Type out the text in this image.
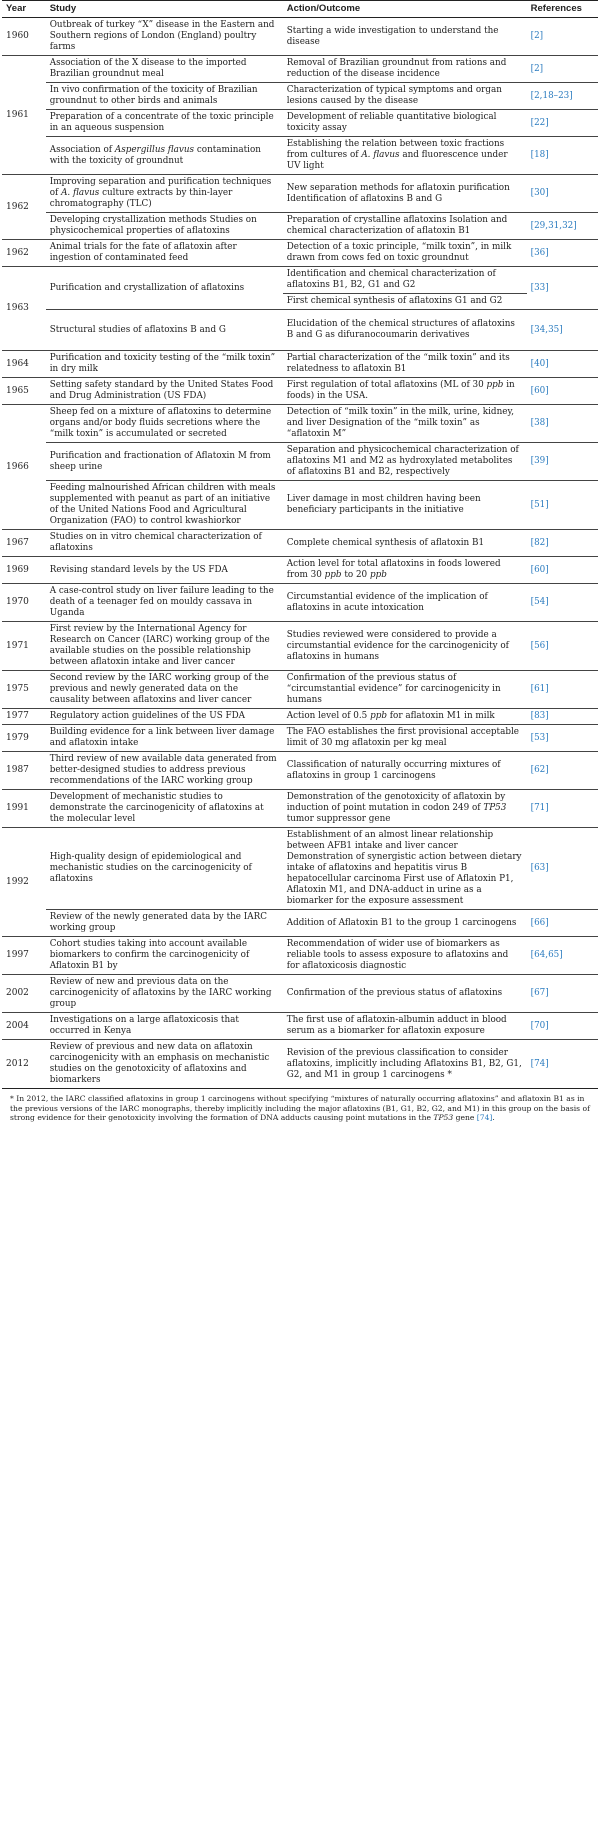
Year	Study	Action/Outcome	References
1960	Outbreak of turkey “X” disease in the Eastern and Southern regions of London (England) poultry farms	Starting a wide investigation to understand the disease	[2]
1961	Association of the X disease to the imported Brazilian groundnut meal	Removal of Brazilian groundnut from rations and reduction of the disease incidence	[2]
	In vivo confirmation of the toxicity of Brazilian groundnut to other birds and animals	Characterization of typical symptoms and organ lesions caused by the disease	[2,18–23]
	Preparation of a concentrate of the toxic principle in an aqueous suspension	Development of reliable quantitative biological toxicity assay	[22]
	Association of Aspergillus flavus contamination with the toxicity of groundnut	Establishing the relation between toxic fractions from cultures of A. flavus and fluorescence under UV light	[18]
1962	Improving separation and purification techniques of A. flavus culture extracts by thin-layer chromatography (TLC)	New separation methods for aflatoxin purification Identification of aflatoxins B and G	[30]
	Developing crystallization methods Studies on physicochemical properties of aflatoxins	Preparation of crystalline aflatoxins Isolation and chemical characterization of aflatoxin B1	[29,31,32]
1962	Animal trials for the fate of aflatoxin after ingestion of contaminated feed	Detection of a toxic principle, “milk toxin”, in milk drawn from cows fed on toxic groundnut	[36]
1963	Purification and crystallization of aflatoxins	Identification and chemical characterization of aflatoxins B1, B2, G1 and G2	[33]
		First chemical synthesis of aflatoxins G1 and G2	
	Structural studies of aflatoxins B and G	Elucidation of the chemical structures of aflatoxins B and G as difuranocoumarin derivatives	[34,35]
1964	Purification and toxicity testing of the “milk toxin” in dry milk	Partial characterization of the “milk toxin” and its relatedness to aflatoxin B1	[40]
1965	Setting safety standard by the United States Food and Drug Administration (US FDA)	First regulation of total aflatoxins (ML of 30 ppb in foods) in the USA.	[60]
1966	Sheep fed on a mixture of aflatoxins to determine organs and/or body fluids secretions where the “milk toxin” is accumulated or secreted	Detection of “milk toxin” in the milk, urine, kidney, and liver Designation of the “milk toxin” as “aflatoxin M”	[38]
	Purification and fractionation of Aflatoxin M from sheep urine	Separation and physicochemical characterization of aflatoxins M1 and M2 as hydroxylated metabolites of aflatoxins B1 and B2, respectively	[39]
	Feeding malnourished African children with meals supplemented with peanut as part of an initiative of the United Nations Food and Agricultural Organization (FAO) to control kwashiorkor	Liver damage in most children having been beneficiary participants in the initiative	[51]
1967	Studies on in vitro chemical characterization of aflatoxins	Complete chemical synthesis of aflatoxin B1	[82]
1969	Revising standard levels by the US FDA	Action level for total aflatoxins in foods lowered from 30 ppb to 20 ppb	[60]
1970	A case-control study on liver failure leading to the death of a teenager fed on mouldy cassava in Uganda	Circumstantial evidence of the implication of aflatoxins in acute intoxication	[54]
1971	First review by the International Agency for Research on Cancer (IARC) working group of the available studies on the possible relationship between aflatoxin intake and liver cancer	Studies reviewed were considered to provide a circumstantial evidence for the carcinogenicity of aflatoxins in humans	[56]
1975	Second review by the IARC working group of the previous and newly generated data on the causality between aflatoxins and liver cancer	Confirmation of the previous status of “circumstantial evidence” for carcinogenicity in humans	[61]
1977	Regulatory action guidelines of the US FDA	Action level of 0.5 ppb for aflatoxin M1 in milk	[83]
1979	Building evidence for a link between liver damage and aflatoxin intake	The FAO establishes the first provisional acceptable limit of 30 mg aflatoxin per kg meal	[53]
1987	Third review of new available data generated from better-designed studies to address previous recommendations of the IARC working group	Classification of naturally occurring mixtures of aflatoxins in group 1 carcinogens	[62]
1991	Development of mechanistic studies to demonstrate the carcinogenicity of aflatoxins at the molecular level	Demonstration of the genotoxicity of aflatoxin by induction of point mutation in codon 249 of TP53 tumor suppressor gene	[71]
1992	High-quality design of epidemiological and mechanistic studies on the carcinogenicity of aflatoxins	Establishment of an almost linear relationship between AFB1 intake and liver cancer Demonstration of synergistic action between dietary intake of aflatoxins and hepatitis virus B hepatocellular carcinoma First use of Aflatoxin P1, Aflatoxin M1, and DNA-adduct in urine as a biomarker for the exposure assessment	[63]
	Review of the newly generated data by the IARC working group	Addition of Aflatoxin B1 to the group 1 carcinogens	[66]
1997	Cohort studies taking into account available biomarkers to confirm the carcinogenicity of Aflatoxin B1 by	Recommendation of wider use of biomarkers as reliable tools to assess exposure to aflatoxins and for aflatoxicosis diagnostic	[64,65]
2002	Review of new and previous data on the carcinogenicity of aflatoxins by the IARC working group	Confirmation of the previous status of aflatoxins	[67]
2004	Investigations on a large aflatoxicosis that occurred in Kenya	The first use of aflatoxin-albumin adduct in blood serum as a biomarker for aflatoxin exposure	[70]
2012	Review of previous and new data on aflatoxin carcinogenicity with an emphasis on mechanistic studies on the genotoxicity of aflatoxins and biomarkers	Revision of the previous classification to consider aflatoxins, implicitly including Aflatoxins B1, B2, G1, G2, and M1 in group 1 carcinogens *	[74]
* In 2012, the IARC classified aflatoxins in group 1 carcinogens without specifying “mixtures of naturally occurring aflatoxins” and aflatoxin B1 as in the previous versions of the IARC monographs, thereby implicitly including the major aflatoxins (B1, G1, B2, G2, and M1) in this group on the basis of strong evidence for their genotoxicity involving the formation of DNA adducts causing point mutations in the TP53 gene [74].
